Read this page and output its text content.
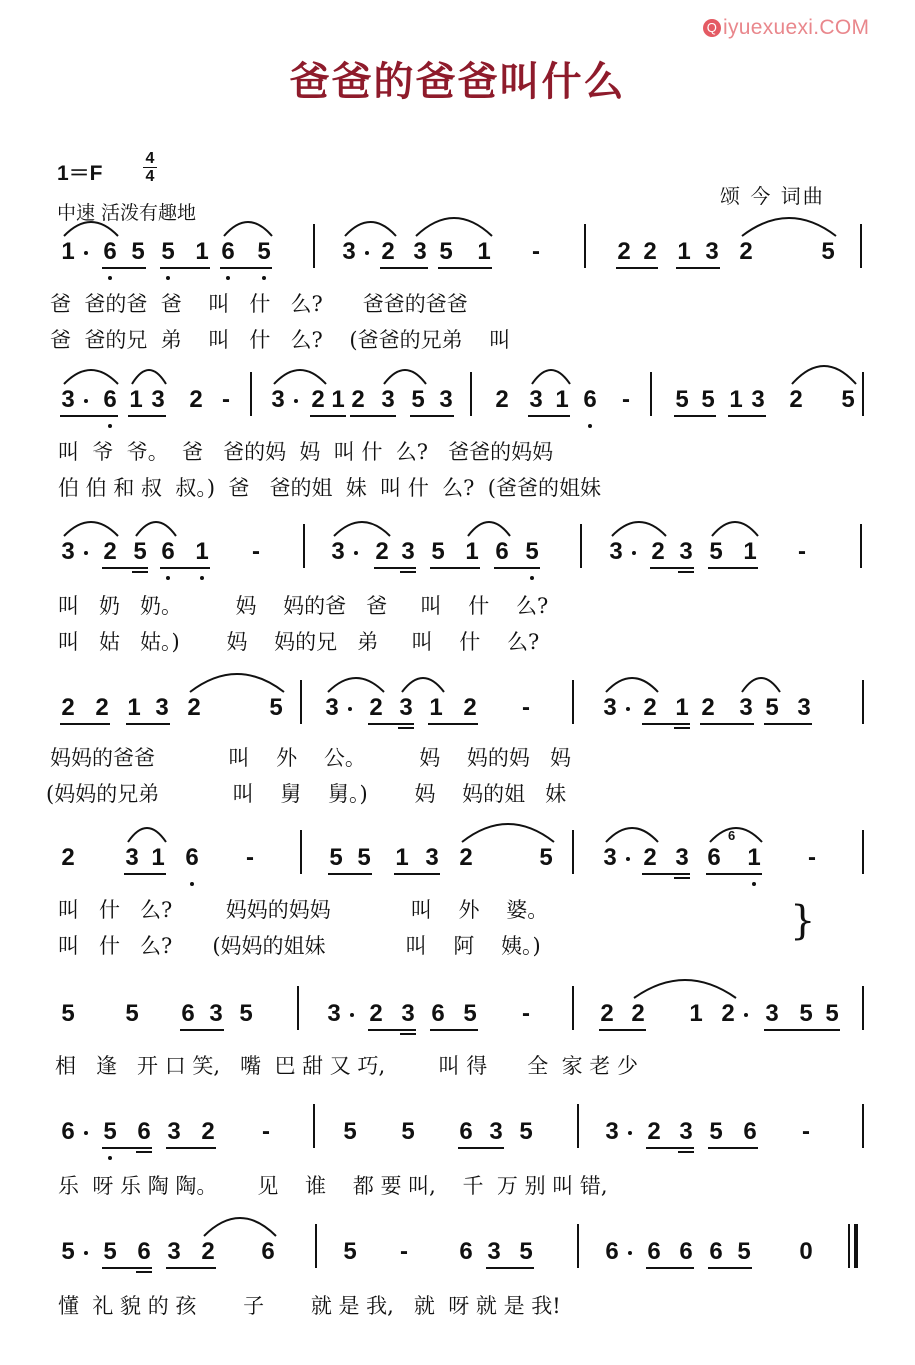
Q iyuexuexi.COM
爸爸的爸爸叫什么
1＝F
4
4
中速 活泼有趣地
颂 今 词曲
1 6 5 5 1 6 5	3 2 3 5 1 -	2 2 1 3 2	5
爸  爸的爸  爸    叫   什   么?      爸爸的爸爸
爸  爸的兄  弟    叫   什   么?    (爸爸的兄弟    叫
3 6 1 3 2 - 3 2 1 2 3 5 3 2 3 1 6 - 5 5 1 3 2 5
叫  爷  爷。  爸   爸的妈  妈  叫 什  么?   爸爸的妈妈
伯 伯 和 叔  叔。)  爸   爸的姐  妹  叫 什  么?  (爸爸的姐妹
3 2 5 6 1 -	3 2 3 5 1 6 5	3 2 3 5 1 -
叫   奶   奶。        妈    妈的爸   爸     叫    什    么?
叫   姑   姑。)       妈    妈的兄   弟     叫    什    么?
2 2 1 3 2	5 3 2 3 1 2 -	3 2 1 2 3 5 3
妈妈的爸爸           叫    外    公。        妈    妈的妈   妈
(妈妈的兄弟           叫    舅    舅。)       妈    妈的姐   妹
2 3 1 6 -	5 5 1 3 2	5 3 2 3 6 1 -
6
叫   什   么?        妈妈的妈妈            叫    外    婆。
叫   什   么?      (妈妈的姐妹            叫    阿    姨。)
}
5 5 6 3 5	3 2 3 6 5 -	2 2 1 2 3 5 5
相   逢   开 口 笑,   嘴  巴 甜 又 巧,        叫 得      全  家 老 少
6 5 6 3 2 -	5 5 6 3 5	3 2 3 5 6 -
乐  呀 乐 陶 陶。      见    谁    都 要 叫,    千  万 别 叫 错,
5 5 6 3 2 6	5 - 6 3 5	6 6 6 6 5 0
懂  礼 貌 的 孩       子       就 是 我,   就  呀 就 是 我!
